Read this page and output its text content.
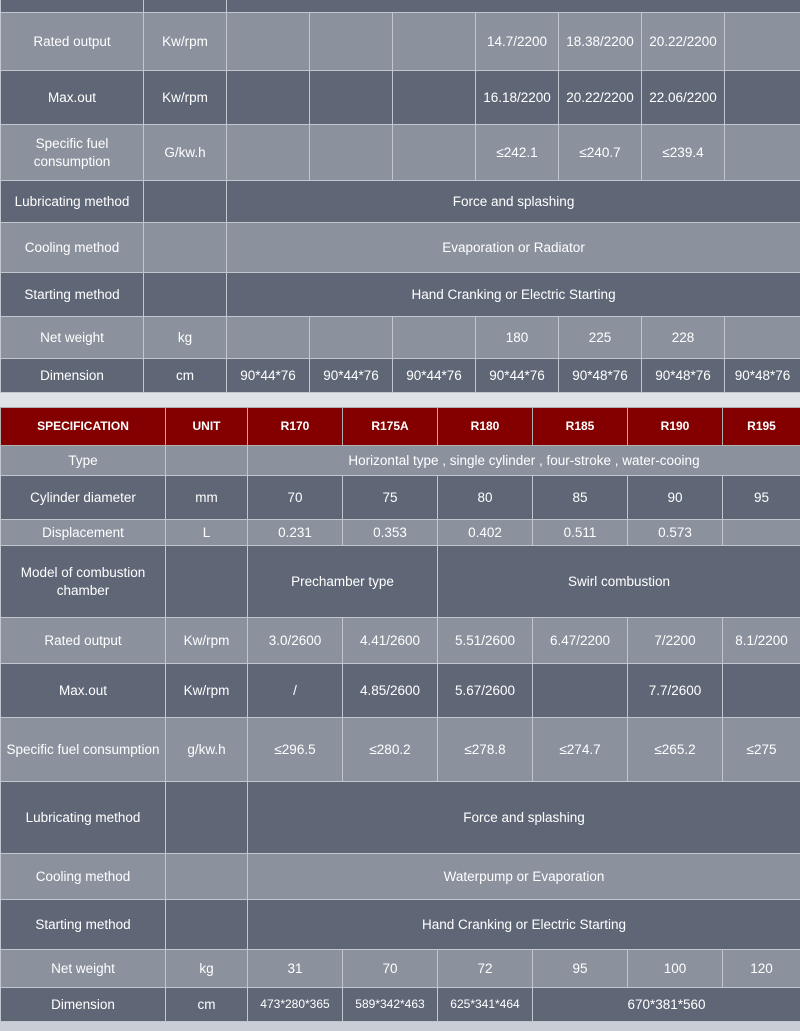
Rated output	Kw/rpm				14.7/2200	18.38/2200	20.22/2200	
Max.out	Kw/rpm				16.18/2200	20.22/2200	22.06/2200	
Specific fuel consumption	G/kw.h				≤242.1	≤240.7	≤239.4	
Lubricating method		Force and splashing						
Cooling method		Evaporation or Radiator						
Starting method		Hand Cranking or Electric Starting						
Net weight	kg				180	225	228	
Dimension	cm	90*44*76	90*44*76	90*44*76	90*44*76	90*48*76	90*48*76	90*48*76
SPECIFICATION	UNIT	R170	R175A	R180	R185	R190	R195
Type		Horizontal type , single cylinder , four-stroke , water-cooing					
Cylinder diameter	mm	70	75	80	85	90	95
Displacement	L	0.231	0.353	0.402	0.511	0.573	
Model of combustion chamber		Prechamber type		Swirl combustion			
Rated output	Kw/rpm	3.0/2600	4.41/2600	5.51/2600	6.47/2200	7/2200	8.1/2200
Max.out	Kw/rpm	/	4.85/2600	5.67/2600		7.7/2600	
Specific fuel consumption	g/kw.h	≤296.5	≤280.2	≤278.8	≤274.7	≤265.2	≤275
Lubricating method		Force and splashing					
Cooling method		Waterpump or Evaporation					
Starting method		Hand Cranking or Electric Starting					
Net weight	kg	31	70	72	95	100	120
Dimension	cm	473*280*365	589*342*463	625*341*464	670*381*560		
